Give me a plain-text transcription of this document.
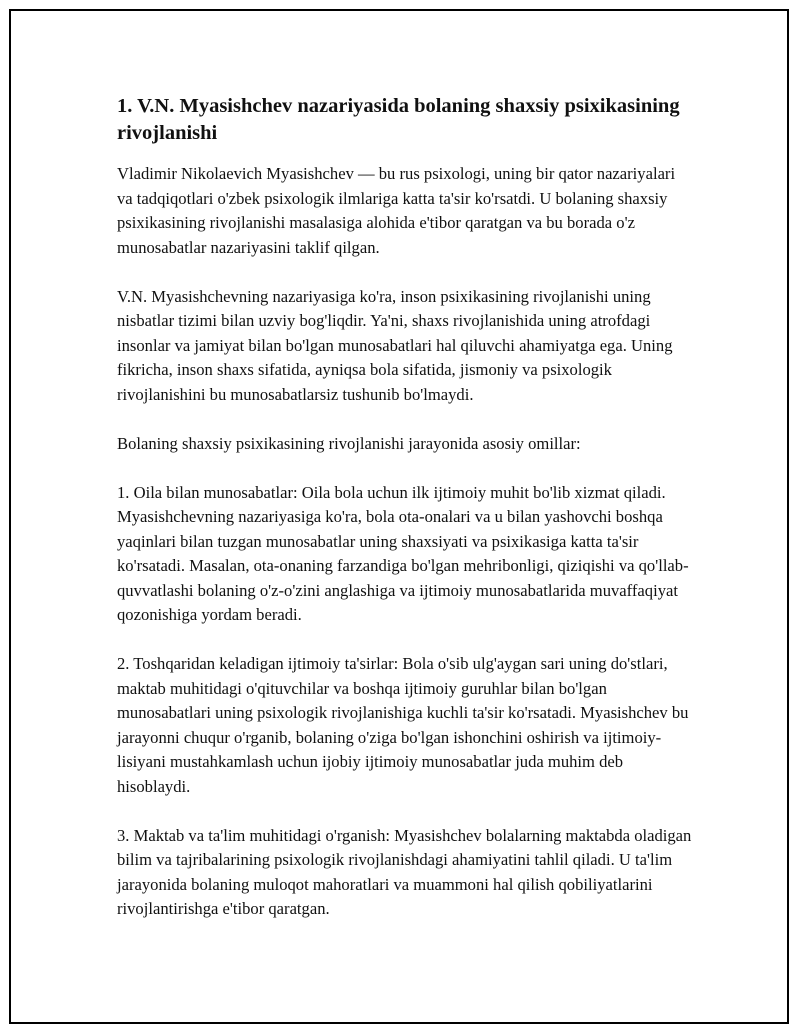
1. V.N. Myasishchev nazariyasida bolaning shaxsiy psixikasining rivojlanishi

Vladimir Nikolaevich Myasishchev — bu rus psixologi, uning bir qator nazariyalari va tadqiqotlari o'zbek psixologik ilmlariga katta ta'sir ko'rsatdi. U bolaning shaxsiy psixikasining rivojlanishi masalasiga alohida e'tibor qaratgan va bu borada o'z munosabatlar nazariyasini taklif qilgan.

V.N. Myasishchevning nazariyasiga ko'ra, inson psixikasining rivojlanishi uning nisbatlar tizimi bilan uzviy bog'liqdir. Ya'ni, shaxs rivojlanishida uning atrofdagi insonlar va jamiyat bilan bo'lgan munosabatlari hal qiluvchi ahamiyatga ega. Uning fikricha, inson shaxs sifatida, ayniqsa bola sifatida, jismoniy va psixologik rivojlanishini bu munosabatlarsiz tushunib bo'lmaydi.

Bolaning shaxsiy psixikasining rivojlanishi jarayonida asosiy omillar:

1. Oila bilan munosabatlar: Oila bola uchun ilk ijtimoiy muhit bo'lib xizmat qiladi. Myasishchevning nazariyasiga ko'ra, bola ota-onalari va u bilan yashovchi boshqa yaqinlari bilan tuzgan munosabatlar uning shaxsiyati va psixikasiga katta ta'sir ko'rsatadi. Masalan, ota-onaning farzandiga bo'lgan mehribonligi, qiziqishi va qo'llab-quvvatlashi bolaning o'z-o'zini anglashiga va ijtimoiy munosabatlarida muvaffaqiyat qozonishiga yordam beradi.

2. Toshqaridan keladigan ijtimoiy ta'sirlar: Bola o'sib ulg'aygan sari uning do'stlari, maktab muhitidagi o'qituvchilar va boshqa ijtimoiy guruhlar bilan bo'lgan munosabatlari uning psixologik rivojlanishiga kuchli ta'sir ko'rsatadi. Myasishchev bu jarayonni chuqur o'rganib, bolaning o'ziga bo'lgan ishonchini oshirish va ijtimoiy-lisiyani mustahkamlash uchun ijobiy ijtimoiy munosabatlar juda muhim deb hisoblaydi.

3. Maktab va ta'lim muhitidagi o'rganish: Myasishchev bolalarning maktabda oladigan bilim va tajribalarining psixologik rivojlanishdagi ahamiyatini tahlil qiladi. U ta'lim jarayonida bolaning muloqot mahoratlari va muammoni hal qilish qobiliyatlarini rivojlantirishga e'tibor qaratgan.
